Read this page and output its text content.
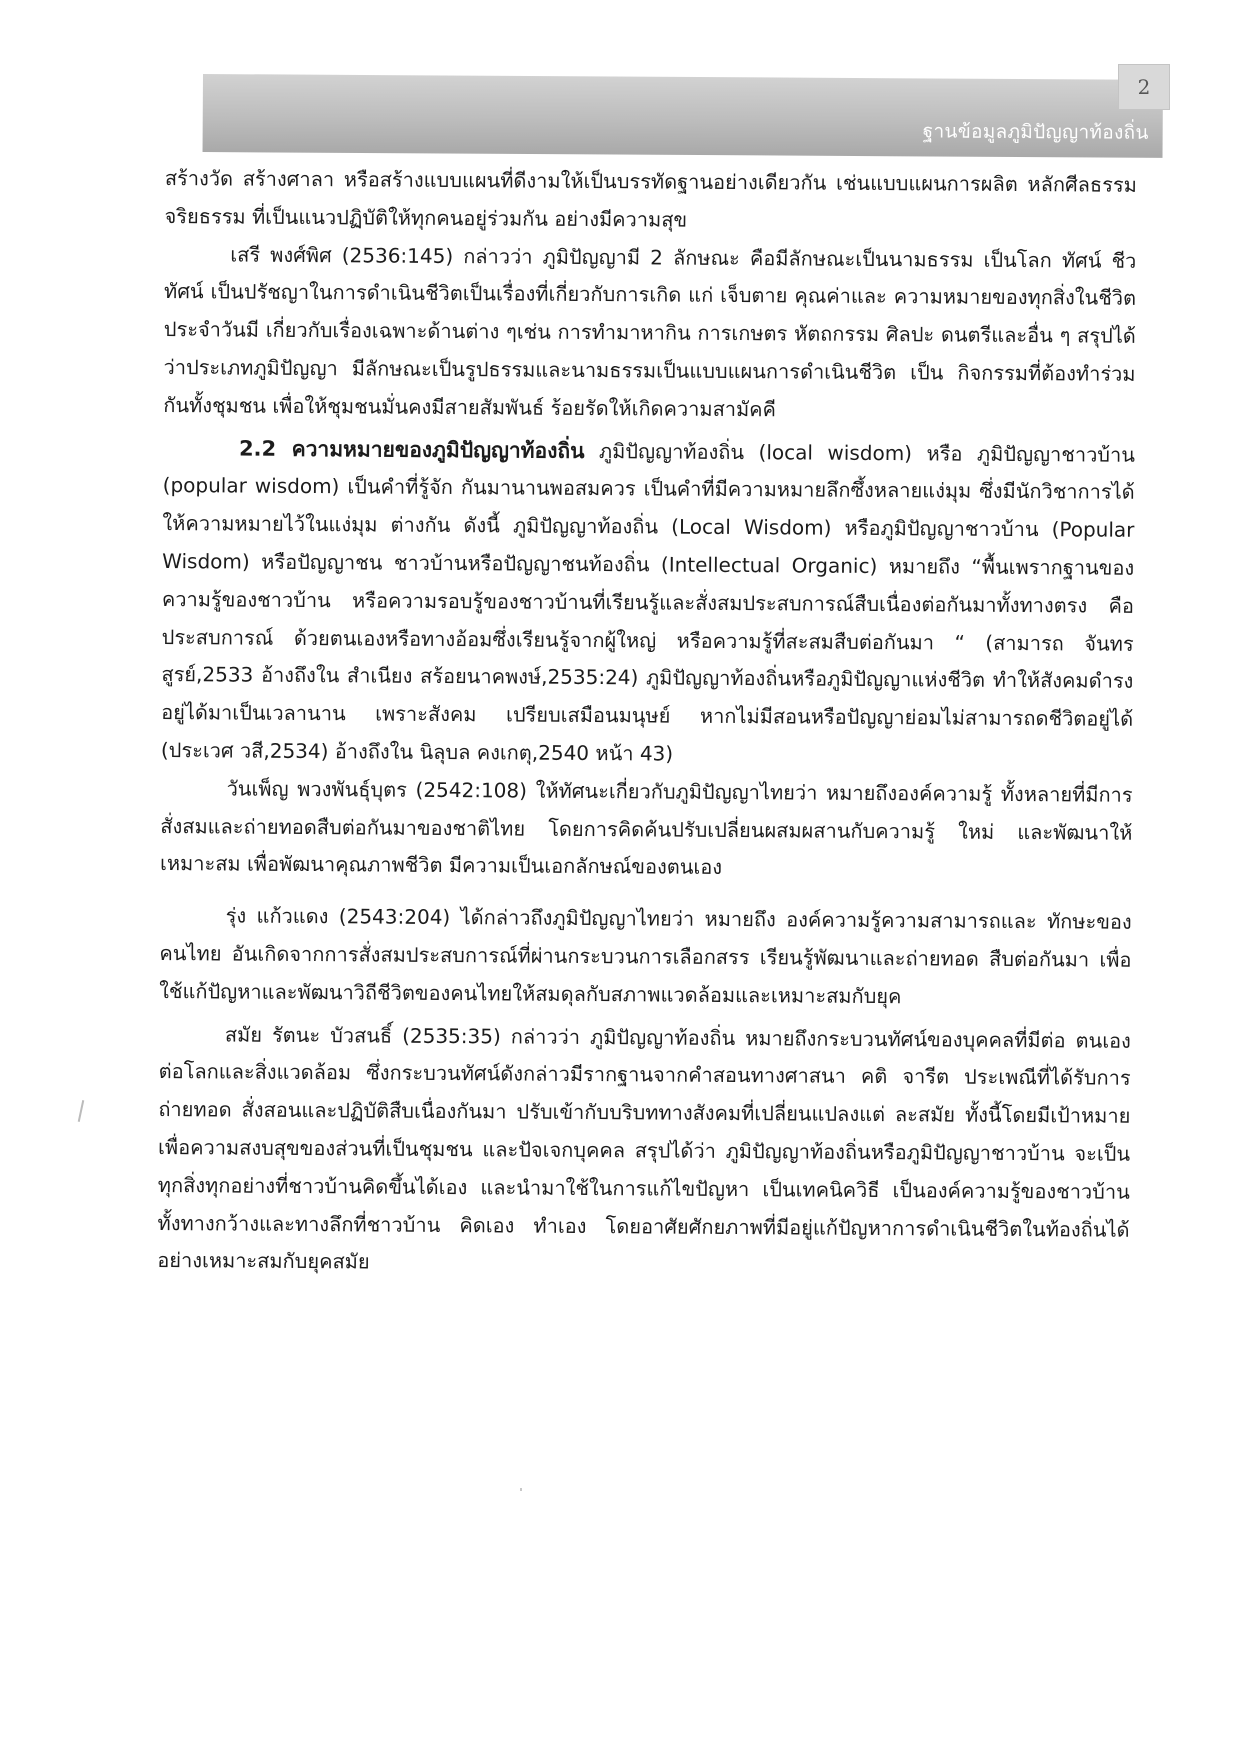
ฐานข้อมูลภูมิปัญญาท้องถิ่น
2

สร้างวัด สร้างศาลา หรือสร้างแบบแผนที่ดีงามให้เป็นบรรทัดฐานอย่างเดียวกัน เช่นแบบแผนการผลิต หลักศีลธรรม จริยธรรม ที่เป็นแนวปฏิบัติให้ทุกคนอยู่ร่วมกัน อย่างมีความสุข

เสรี พงศ์พิศ (2536:145) กล่าวว่า ภูมิปัญญามี 2 ลักษณะ คือมีลักษณะเป็นนามธรรม เป็นโลก ทัศน์ ชีวทัศน์ เป็นปรัชญาในการดำเนินชีวิตเป็นเรื่องที่เกี่ยวกับการเกิด แก่ เจ็บตาย คุณค่าและ ความหมายของทุกสิ่งในชีวิตประจำวันมี เกี่ยวกับเรื่องเฉพาะด้านต่าง ๆเช่น การทำมาหากิน การเกษตร หัตถกรรม ศิลปะ ดนตรีและอื่น ๆ สรุปได้ว่าประเภทภูมิปัญญา มีลักษณะเป็นรูปธรรมและนามธรรมเป็นแบบแผนการดำเนินชีวิต เป็น กิจกรรมที่ต้องทำร่วมกันทั้งชุมชน เพื่อให้ชุมชนมั่นคงมีสายสัมพันธ์ ร้อยรัดให้เกิดความสามัคคี

2.2 ความหมายของภูมิปัญญาท้องถิ่น ภูมิปัญญาท้องถิ่น (local wisdom) หรือ ภูมิปัญญาชาวบ้าน (popular wisdom) เป็นคำที่รู้จัก กันมานานพอสมควร เป็นคำที่มีความหมายลึกซึ้งหลายแง่มุม ซึ่งมีนักวิชาการได้ให้ความหมายไว้ในแง่มุม ต่างกัน ดังนี้ ภูมิปัญญาท้องถิ่น (Local Wisdom) หรือภูมิปัญญาชาวบ้าน (Popular Wisdom) หรือปัญญาชน ชาวบ้านหรือปัญญาชนท้องถิ่น (Intellectual Organic) หมายถึง “พื้นเพรากฐานของความรู้ของชาวบ้าน หรือความรอบรู้ของชาวบ้านที่เรียนรู้และสั่งสมประสบการณ์สืบเนื่องต่อกันมาทั้งทางตรง คือ ประสบการณ์ ด้วยตนเองหรือทางอ้อมซึ่งเรียนรู้จากผู้ใหญ่ หรือความรู้ที่สะสมสืบต่อกันมา “ (สามารถ จันทรสูรย์,2533 อ้างถึงใน สำเนียง สร้อยนาคพงษ์,2535:24) ภูมิปัญญาท้องถิ่นหรือภูมิปัญญาแห่งชีวิต ทำให้สังคมดำรงอยู่ได้มาเป็นเวลานาน เพราะสังคม เปรียบเสมือนมนุษย์ หากไม่มีสอนหรือปัญญาย่อมไม่สามารถดชีวิตอยู่ได้ (ประเวศ วสี,2534) อ้างถึงใน นิลุบล คงเกตุ,2540 หน้า 43)

วันเพ็ญ พวงพันธุ์บุตร (2542:108) ให้ทัศนะเกี่ยวกับภูมิปัญญาไทยว่า หมายถึงองค์ความรู้ ทั้งหลายที่มีการสั่งสมและถ่ายทอดสืบต่อกันมาของชาติไทย โดยการคิดค้นปรับเปลี่ยนผสมผสานกับความรู้ ใหม่ และพัฒนาให้เหมาะสม เพื่อพัฒนาคุณภาพชีวิต มีความเป็นเอกลักษณ์ของตนเอง

รุ่ง แก้วแดง (2543:204) ได้กล่าวถึงภูมิปัญญาไทยว่า หมายถึง องค์ความรู้ความสามารถและ ทักษะของคนไทย อันเกิดจากการสั่งสมประสบการณ์ที่ผ่านกระบวนการเลือกสรร เรียนรู้พัฒนาและถ่ายทอด สืบต่อกันมา เพื่อใช้แก้ปัญหาและพัฒนาวิถีชีวิตของคนไทยให้สมดุลกับสภาพแวดล้อมและเหมาะสมกับยุค

สมัย รัตนะ บัวสนธิ์ (2535:35) กล่าวว่า ภูมิปัญญาท้องถิ่น หมายถึงกระบวนทัศน์ของบุคคลที่มีต่อ ตนเอง ต่อโลกและสิ่งแวดล้อม ซึ่งกระบวนทัศน์ดังกล่าวมีรากฐานจากคำสอนทางศาสนา คติ จารีต ประเพณีที่ได้รับการถ่ายทอด สั่งสอนและปฏิบัติสืบเนื่องกันมา ปรับเข้ากับบริบททางสังคมที่เปลี่ยนแปลงแต่ ละสมัย ทั้งนี้โดยมีเป้าหมายเพื่อความสงบสุขของส่วนที่เป็นชุมชน และปัจเจกบุคคล สรุปได้ว่า ภูมิปัญญาท้องถิ่นหรือภูมิปัญญาชาวบ้าน จะเป็นทุกสิ่งทุกอย่างที่ชาวบ้านคิดขึ้นได้เอง และนำมาใช้ในการแก้ไขปัญหา เป็นเทคนิควิธี เป็นองค์ความรู้ของชาวบ้าน ทั้งทางกว้างและทางลึกที่ชาวบ้าน คิดเอง ทำเอง โดยอาศัยศักยภาพที่มีอยู่แก้ปัญหาการดำเนินชีวิตในท้องถิ่นได้อย่างเหมาะสมกับยุคสมัย
